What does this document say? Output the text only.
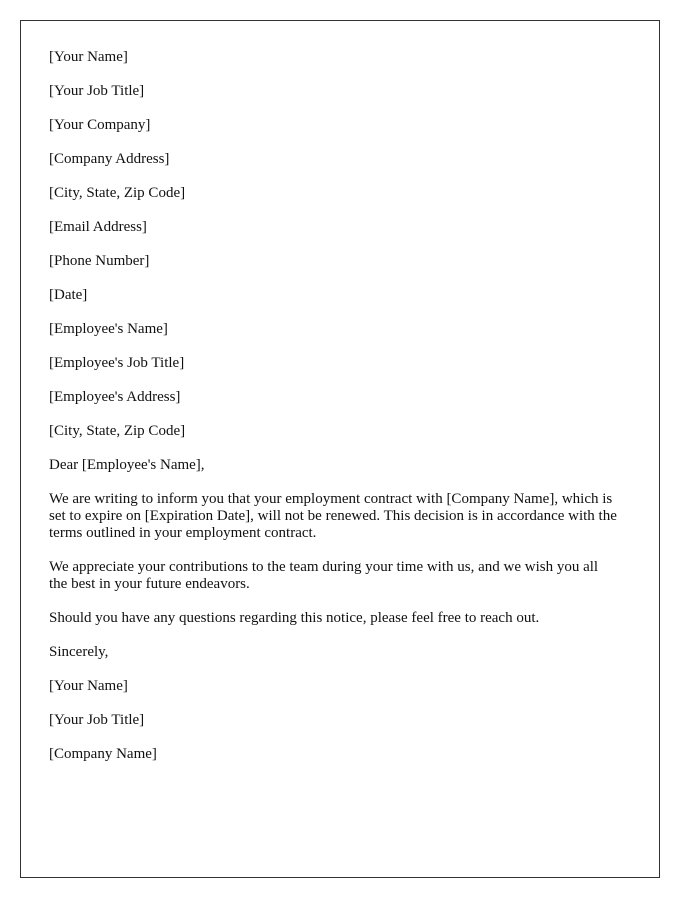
[Your Name]

[Your Job Title]

[Your Company]

[Company Address]

[City, State, Zip Code]

[Email Address]

[Phone Number]

[Date]

[Employee's Name]

[Employee's Job Title]

[Employee's Address]

[City, State, Zip Code]

Dear [Employee's Name],

We are writing to inform you that your employment contract with [Company Name], which is set to expire on [Expiration Date], will not be renewed. This decision is in accordance with the terms outlined in your employment contract.

We appreciate your contributions to the team during your time with us, and we wish you all the best in your future endeavors.

Should you have any questions regarding this notice, please feel free to reach out.

Sincerely,

[Your Name]

[Your Job Title]

[Company Name]
